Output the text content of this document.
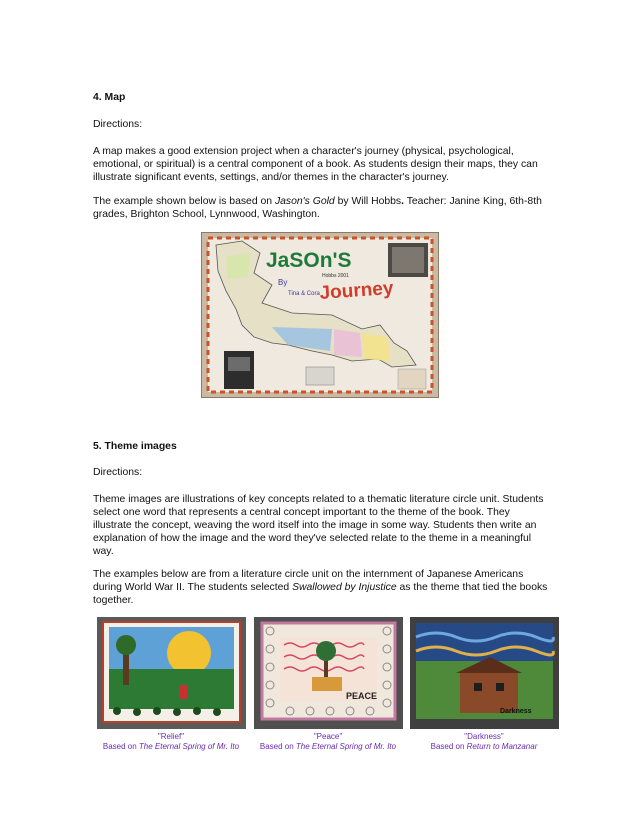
4. Map
Directions:
A map makes a good extension project when a character's journey (physical, psychological, emotional, or spiritual) is a central component of a book. As students design their maps, they can illustrate significant events, settings, and/or themes in the character's journey.
The example shown below is based on Jason's Gold by Will Hobbs. Teacher: Janine King, 6th-8th grades, Brighton School, Lynnwood, Washington.
JaSOn'S
Hobbs 2001
By
Tina & Cora Journey
5. Theme images
Directions:
Theme images are illustrations of key concepts related to a thematic literature circle unit. Students select one word that represents a central concept important to the theme of the book. They illustrate the concept, weaving the word itself into the image in some way. Students then write an explanation of how the image and the word they've selected relate to the theme in a meaningful way.
The examples below are from a literature circle unit on the internment of Japanese Americans during World War II. The students selected Swallowed by Injustice as the theme that tied the books together.
PEACE
Darkness
"Relief"
Based on The Eternal Spring of Mr. Ito
"Peace"
Based on The Eternal Spring of Mr. Ito
"Darkness"
Based on Return to Manzanar
